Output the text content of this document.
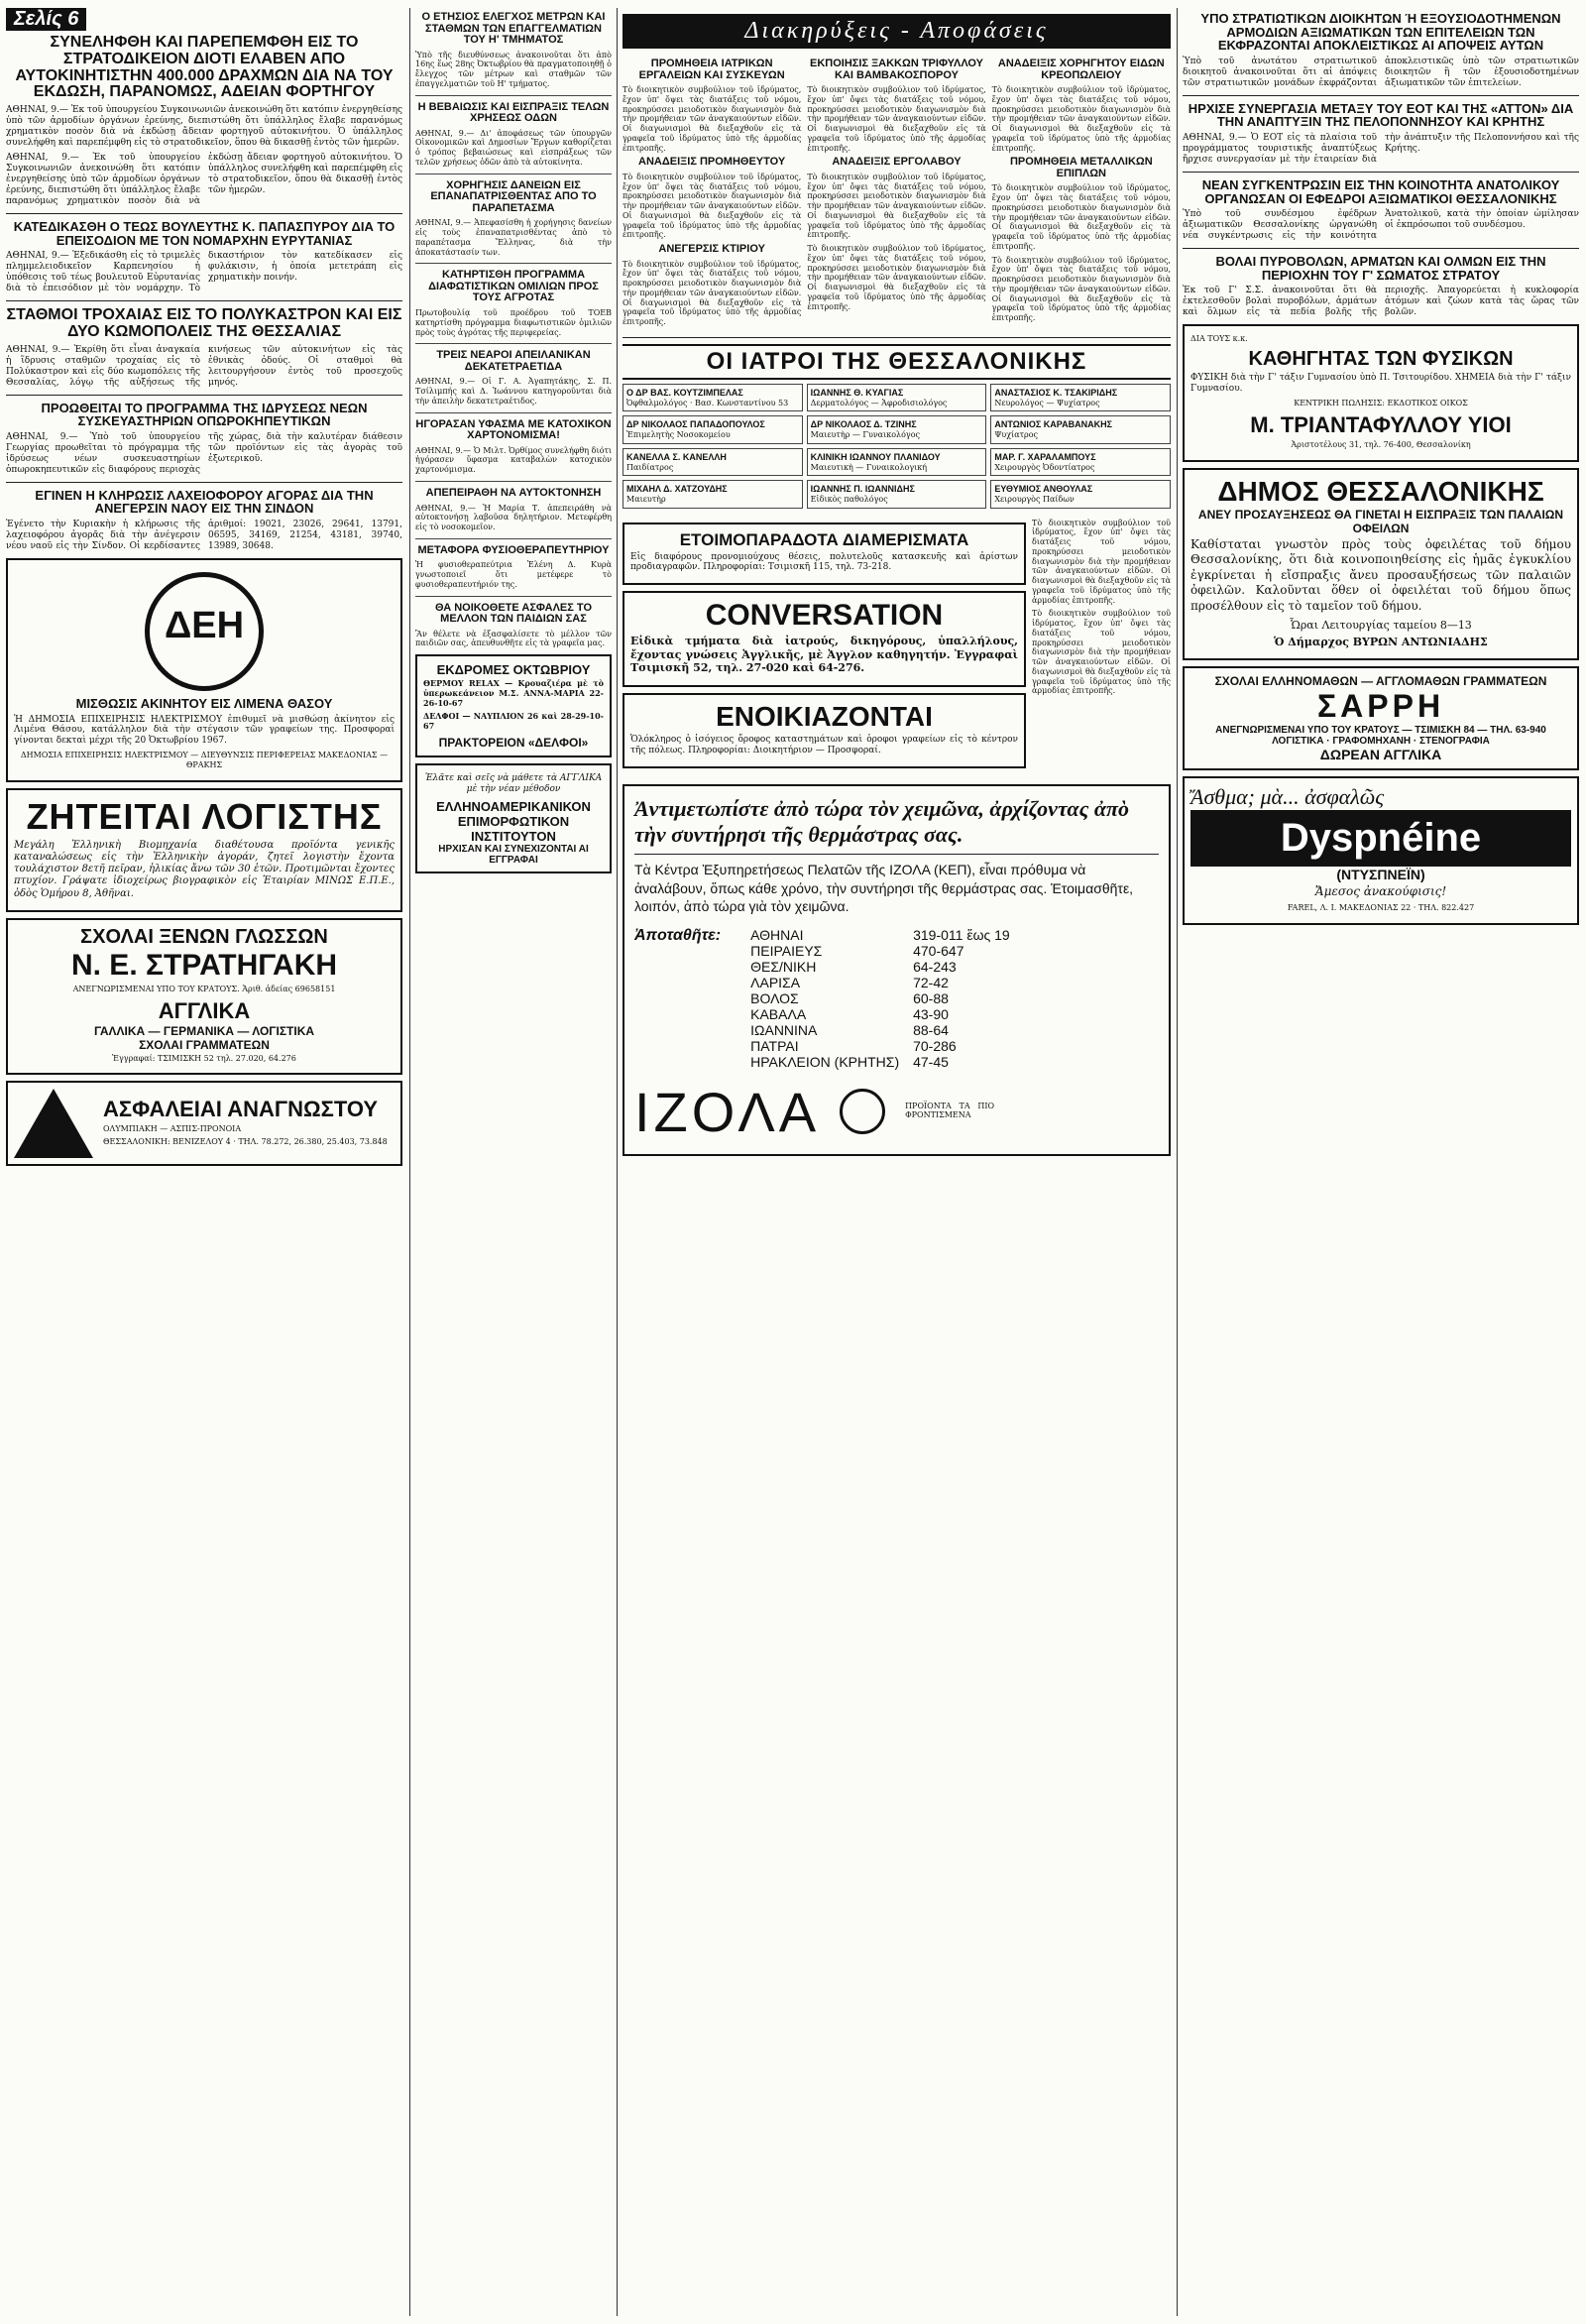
Σελίς 6
ΣΥΝΕΛΗΦΘΗ ΚΑΙ ΠΑΡΕΠΕΜΦΘΗ ΕΙΣ ΤΟ ΣΤΡΑΤΟΔΙΚΕΙΟΝ ΔΙΟΤΙ ΕΛΑΒΕΝ ΑΠΟ ΑΥΤΟΚΙΝΗΤΙΣΤΗΝ 400.000 ΔΡΑΧΜΩΝ ΔΙΑ ΝΑ ΤΟΥ ΕΚΔΩΣΗ, ΠΑΡΑΝΟΜΩΣ, ΑΔΕΙΑΝ ΦΟΡΤΗΓΟΥ
ΑΘΗΝΑΙ, 9.— Ἐκ τοῦ ὑπουργείου Συγκοινωνιῶν ἀνεκοινώθη ὅτι κατόπιν ἐνεργηθείσης ὑπὸ τῶν ἁρμοδίων ὀργάνων ἐρεύνης, διεπιστώθη ὅτι ὑπάλληλος ἔλαβε παρανόμως χρηματικὸν ποσὸν διὰ νὰ ἐκδώσῃ ἄδειαν φορτηγοῦ αὐτοκινήτου. Ὁ ὑπάλληλος συνελήφθη καὶ παρεπέμφθη εἰς τὸ στρατοδικεῖον, ὅπου θὰ δικασθῇ ἐντὸς τῶν ἡμερῶν.
ΑΘΗΝΑΙ, 9.— Ἐκ τοῦ ὑπουργείου Συγκοινωνιῶν ἀνεκοινώθη ὅτι κατόπιν ἐνεργηθείσης ὑπὸ τῶν ἁρμοδίων ὀργάνων ἐρεύνης, διεπιστώθη ὅτι ὑπάλληλος ἔλαβε παρανόμως χρηματικὸν ποσὸν διὰ νὰ ἐκδώσῃ ἄδειαν φορτηγοῦ αὐτοκινήτου. Ὁ ὑπάλληλος συνελήφθη καὶ παρεπέμφθη εἰς τὸ στρατοδικεῖον, ὅπου θὰ δικασθῇ ἐντὸς τῶν ἡμερῶν.
ΚΑΤΕΔΙΚΑΣΘΗ Ο ΤΕΩΣ ΒΟΥΛΕΥΤΗΣ Κ. ΠΑΠΑΣΠΥΡΟΥ ΔΙΑ ΤΟ ΕΠΕΙΣΟΔΙΟΝ ΜΕ ΤΟΝ ΝΟΜΑΡΧΗΝ ΕΥΡΥΤΑΝΙΑΣ
ΑΘΗΝΑΙ, 9.— Ἐξεδικάσθη εἰς τὸ τριμελὲς πλημμελειοδικεῖον Καρπενησίου ἡ ὑπόθεσις τοῦ τέως βουλευτοῦ Εὐρυτανίας διὰ τὸ ἐπεισόδιον μὲ τὸν νομάρχην. Τὸ δικαστήριον τὸν κατεδίκασεν εἰς φυλάκισιν, ἡ ὁποία μετετράπη εἰς χρηματικὴν ποινήν.
ΣΤΑΘΜΟΙ ΤΡΟΧΑΙΑΣ ΕΙΣ ΤΟ ΠΟΛΥΚΑΣΤΡΟΝ ΚΑΙ ΕΙΣ ΔΥΟ ΚΩΜΟΠΟΛΕΙΣ ΤΗΣ ΘΕΣΣΑΛΙΑΣ
ΑΘΗΝΑΙ, 9.— Ἐκρίθη ὅτι εἶναι ἀναγκαία ἡ ἵδρυσις σταθμῶν τροχαίας εἰς τὸ Πολύκαστρον καὶ εἰς δύο κωμοπόλεις τῆς Θεσσαλίας, λόγῳ τῆς αὐξήσεως τῆς κινήσεως τῶν αὐτοκινήτων εἰς τὰς ἐθνικὰς ὁδούς. Οἱ σταθμοὶ θὰ λειτουργήσουν ἐντὸς τοῦ προσεχοῦς μηνός.
ΠΡΟΩΘΕΙΤΑΙ ΤΟ ΠΡΟΓΡΑΜΜΑ ΤΗΣ ΙΔΡΥΣΕΩΣ ΝΕΩΝ ΣΥΣΚΕΥΑΣΤΗΡΙΩΝ ΟΠΩΡΟΚΗΠΕΥΤΙΚΩΝ
ΑΘΗΝΑΙ, 9.— Ὑπὸ τοῦ ὑπουργείου Γεωργίας προωθεῖται τὸ πρόγραμμα τῆς ἱδρύσεως νέων συσκευαστηρίων ὀπωροκηπευτικῶν εἰς διαφόρους περιοχὰς τῆς χώρας, διὰ τὴν καλυτέραν διάθεσιν τῶν προϊόντων εἰς τὰς ἀγορὰς τοῦ ἐξωτερικοῦ.
ΕΓΙΝΕΝ Η ΚΛΗΡΩΣΙΣ ΛΑΧΕΙΟΦΟΡΟΥ ΑΓΟΡΑΣ ΔΙΑ ΤΗΝ ΑΝΕΓΕΡΣΙΝ ΝΑΟΥ ΕΙΣ ΤΗΝ ΣΙΝΔΟΝ
Ἐγένετο τὴν Κυριακὴν ἡ κλήρωσις τῆς λαχειοφόρου ἀγορᾶς διὰ τὴν ἀνέγερσιν νέου ναοῦ εἰς τὴν Σίνδον. Οἱ κερδίσαντες ἀριθμοί: 19021, 23026, 29641, 13791, 06595, 34169, 21254, 43181, 39740, 13989, 30648.
ΔΕΗ
ΜΙΣΘΩΣΙΣ ΑΚΙΝΗΤΟΥ ΕΙΣ ΛΙΜΕΝΑ ΘΑΣΟΥ
Ἡ ΔΗΜΟΣΙΑ ΕΠΙΧΕΙΡΗΣΙΣ ΗΛΕΚΤΡΙΣΜΟΥ ἐπιθυμεῖ νὰ μισθώσῃ ἀκίνητον εἰς Λιμένα Θάσου, κατάλληλον διὰ τὴν στέγασιν τῶν γραφείων της. Προσφοραὶ γίνονται δεκταὶ μέχρι τῆς 20 Ὀκτωβρίου 1967.
ΔΗΜΟΣΙΑ ΕΠΙΧΕΙΡΗΣΙΣ ΗΛΕΚΤΡΙΣΜΟΥ — ΔΙΕΥΘΥΝΣΙΣ ΠΕΡΙΦΕΡΕΙΑΣ ΜΑΚΕΔΟΝΙΑΣ — ΘΡΑΚΗΣ
ΖΗΤΕΙΤΑΙ ΛΟΓΙΣΤΗΣ
Μεγάλη Ἑλληνικὴ Βιομηχανία διαθέτουσα προϊόντα γενικῆς καταναλώσεως εἰς τὴν Ἑλληνικὴν ἀγοράν, ζητεῖ λογιστὴν ἔχοντα τουλάχιστον 8ετῆ πεῖραν, ἡλικίας ἄνω τῶν 30 ἐτῶν. Προτιμῶνται ἔχοντες πτυχίον. Γράψατε ἰδιοχείρως βιογραφικὸν εἰς Ἐταιρίαν ΜΙΝΩΣ Ε.Π.Ε., ὁδὸς Ὁμήρου 8, Ἀθῆναι.
ΣΧΟΛΑΙ ΞΕΝΩΝ ΓΛΩΣΣΩΝ
Ν. Ε. ΣΤΡΑΤΗΓΑΚΗ
ΑΝΕΓΝΩΡΙΣΜΕΝΑΙ ΥΠΟ ΤΟΥ ΚΡΑΤΟΥΣ. Ἀριθ. ἀδείας 69658151
ΑΓΓΛΙΚΑ
ΓΑΛΛΙΚΑ — ΓΕΡΜΑΝΙΚΑ — ΛΟΓΙΣΤΙΚΑ
ΣΧΟΛΑΙ ΓΡΑΜΜΑΤΕΩΝ
Ἐγγραφαί: ΤΣΙΜΙΣΚΗ 52 τηλ. 27.020, 64.276
ΑΣΦΑΛΕΙΑΙ ΑΝΑΓΝΩΣΤΟΥ
ΟΛΥΜΠΙΑΚΗ — ΑΣΠΙΣ-ΠΡΟΝΟΙΑ
ΘΕΣΣΑΛΟΝΙΚΗ: ΒΕΝΙΖΕΛΟΥ 4 · ΤΗΛ. 78.272, 26.380, 25.403, 73.848
Ο ΕΤΗΣΙΟΣ ΕΛΕΓΧΟΣ ΜΕΤΡΩΝ ΚΑΙ ΣΤΑΘΜΩΝ ΤΩΝ ΕΠΑΓΓΕΛΜΑΤΙΩΝ ΤΟΥ Η' ΤΜΗΜΑΤΟΣ
Ὑπὸ τῆς διευθύνσεως ἀνακοινοῦται ὅτι ἀπὸ 16ης ἕως 28ης Ὀκτωβρίου θὰ πραγματοποιηθῇ ὁ ἔλεγχος τῶν μέτρων καὶ σταθμῶν τῶν ἐπαγγελματιῶν τοῦ Η' τμήματος.
Η ΒΕΒΑΙΩΣΙΣ ΚΑΙ ΕΙΣΠΡΑΞΙΣ ΤΕΛΩΝ ΧΡΗΣΕΩΣ ΟΔΩΝ
ΑΘΗΝΑΙ, 9.— Δι' ἀποφάσεως τῶν ὑπουργῶν Οἰκονομικῶν καὶ Δημοσίων Ἔργων καθορίζεται ὁ τρόπος βεβαιώσεως καὶ εἰσπράξεως τῶν τελῶν χρήσεως ὁδῶν ἀπὸ τὰ αὐτοκίνητα.
ΧΟΡΗΓΗΣΙΣ ΔΑΝΕΙΩΝ ΕΙΣ ΕΠΑΝΑΠΑΤΡΙΣΘΕΝΤΑΣ ΑΠΟ ΤΟ ΠΑΡΑΠΕΤΑΣΜΑ
ΑΘΗΝΑΙ, 9.— Ἀπεφασίσθη ἡ χορήγησις δανείων εἰς τοὺς ἐπαναπατρισθέντας ἀπὸ τὸ παραπέτασμα Ἕλληνας, διὰ τὴν ἀποκατάστασίν των.
ΚΑΤΗΡΤΙΣΘΗ ΠΡΟΓΡΑΜΜΑ ΔΙΑΦΩΤΙΣΤΙΚΩΝ ΟΜΙΛΙΩΝ ΠΡΟΣ ΤΟΥΣ ΑΓΡΟΤΑΣ
Πρωτοβουλίᾳ τοῦ προέδρου τοῦ ΤΟΕΒ κατηρτίσθη πρόγραμμα διαφωτιστικῶν ὁμιλιῶν πρὸς τοὺς ἀγρότας τῆς περιφερείας.
ΤΡΕΙΣ ΝΕΑΡΟΙ ΑΠΕΙΛΑΝΙΚΑΝ ΔΕΚΑΤΕΤΡΑΕΤΙΔΑ
ΑΘΗΝΑΙ, 9.— Οἱ Γ. Α. Ἀγαπητάκης, Σ. Π. Τσίλιμπής καὶ Δ. Ἰωάννου κατηγοροῦνται διὰ τὴν ἀπειλὴν δεκατετραέτιδος.
ΗΓΟΡΑΣΑΝ ΥΦΑΣΜΑ ΜΕ ΚΑΤΟΧΙΚΟΝ ΧΑΡΤΟΝΟΜΙΣΜΑ!
ΑΘΗΝΑΙ, 9.— Ὁ Μιλτ. Ὀρθίμος συνελήφθη διότι ἠγόρασεν ὕφασμα καταβαλὼν κατοχικὸν χαρτονόμισμα.
ΑΠΕΠΕΙΡΑΘΗ ΝΑ ΑΥΤΟΚΤΟΝΗΣΗ
ΑΘΗΝΑΙ, 9.— Ἡ Μαρία Τ. ἀπεπειράθη νὰ αὐτοκτονήσῃ λαβοῦσα δηλητήριον. Μετεφέρθη εἰς τὸ νοσοκομεῖον.
ΜΕΤΑΦΟΡΑ ΦΥΣΙΟΘΕΡΑΠΕΥΤΗΡΙΟΥ
Ἡ φυσιοθεραπεύτρια Ἑλένη Δ. Κυρὰ γνωστοποιεῖ ὅτι μετέφερε τὸ φυσιοθεραπευτήριόν της.
ΘΑ ΝΟΙΚΟΘΕΤΕ ΑΣΦΑΛΕΣ ΤΟ ΜΕΛΛΟΝ ΤΩΝ ΠΑΙΔΙΩΝ ΣΑΣ
Ἂν θέλετε νὰ ἐξασφαλίσετε τὸ μέλλον τῶν παιδιῶν σας, ἀπευθυνθῆτε εἰς τὰ γραφεῖα μας.
ΕΚΔΡΟΜΕΣ ΟΚΤΩΒΡΙΟΥ
ΘΕΡΜΟΥ RELAX — Κρουαζιέρα μὲ τὸ ὑπερωκεάνειον Μ.Σ. ΑΝΝΑ-ΜΑΡΙΑ 22-26-10-67
ΔΕΛΦΟΙ — ΝΑΥΠΛΙΟΝ 26 καὶ 28-29-10-67
ΠΡΑΚΤΟΡΕΙΟΝ «ΔΕΛΦΟΙ»
Ἐλᾶτε καὶ σεῖς νὰ μάθετε τὰ ΑΓΓΛΙΚΑ μὲ τὴν νέαν μέθοδον
ΕΛΛΗΝΟΑΜΕΡΙΚΑΝΙΚΟΝ ΕΠΙΜΟΡΦΩΤΙΚΟΝ ΙΝΣΤΙΤΟΥΤΟΝ
ΗΡΧΙΣΑΝ ΚΑΙ ΣΥΝΕΧΙΖΟΝΤΑΙ ΑΙ ΕΓΓΡΑΦΑΙ
Διακηρύξεις - Αποφάσεις
ΠΡΟΜΗΘΕΙΑ ΙΑΤΡΙΚΩΝ ΕΡΓΑΛΕΙΩΝ ΚΑΙ ΣΥΣΚΕΥΩΝ
Τὸ διοικητικὸν συμβούλιον τοῦ ἱδρύματος, ἔχον ὑπ' ὄψει τὰς διατάξεις τοῦ νόμου, προκηρύσσει μειοδοτικὸν διαγωνισμὸν διὰ τὴν προμήθειαν τῶν ἀναγκαιούντων εἰδῶν. Οἱ διαγωνισμοὶ θὰ διεξαχθοῦν εἰς τὰ γραφεῖα τοῦ ἱδρύματος ὑπὸ τῆς ἁρμοδίας ἐπιτροπῆς.
ΑΝΑΔΕΙΞΙΣ ΠΡΟΜΗΘΕΥΤΟΥ
Τὸ διοικητικὸν συμβούλιον τοῦ ἱδρύματος, ἔχον ὑπ' ὄψει τὰς διατάξεις τοῦ νόμου, προκηρύσσει μειοδοτικὸν διαγωνισμὸν διὰ τὴν προμήθειαν τῶν ἀναγκαιούντων εἰδῶν. Οἱ διαγωνισμοὶ θὰ διεξαχθοῦν εἰς τὰ γραφεῖα τοῦ ἱδρύματος ὑπὸ τῆς ἁρμοδίας ἐπιτροπῆς.
ΑΝΕΓΕΡΣΙΣ ΚΤΙΡΙΟΥ
Τὸ διοικητικὸν συμβούλιον τοῦ ἱδρύματος, ἔχον ὑπ' ὄψει τὰς διατάξεις τοῦ νόμου, προκηρύσσει μειοδοτικὸν διαγωνισμὸν διὰ τὴν προμήθειαν τῶν ἀναγκαιούντων εἰδῶν. Οἱ διαγωνισμοὶ θὰ διεξαχθοῦν εἰς τὰ γραφεῖα τοῦ ἱδρύματος ὑπὸ τῆς ἁρμοδίας ἐπιτροπῆς.
ΕΚΠΟΙΗΣΙΣ ΞΑΚΚΩΝ ΤΡΙΦΥΛΛΟΥ ΚΑΙ ΒΑΜΒΑΚΟΣΠΟΡΟΥ
Τὸ διοικητικὸν συμβούλιον τοῦ ἱδρύματος, ἔχον ὑπ' ὄψει τὰς διατάξεις τοῦ νόμου, προκηρύσσει μειοδοτικὸν διαγωνισμὸν διὰ τὴν προμήθειαν τῶν ἀναγκαιούντων εἰδῶν. Οἱ διαγωνισμοὶ θὰ διεξαχθοῦν εἰς τὰ γραφεῖα τοῦ ἱδρύματος ὑπὸ τῆς ἁρμοδίας ἐπιτροπῆς.
ΑΝΑΔΕΙΞΙΣ ΕΡΓΟΛΑΒΟΥ
Τὸ διοικητικὸν συμβούλιον τοῦ ἱδρύματος, ἔχον ὑπ' ὄψει τὰς διατάξεις τοῦ νόμου, προκηρύσσει μειοδοτικὸν διαγωνισμὸν διὰ τὴν προμήθειαν τῶν ἀναγκαιούντων εἰδῶν. Οἱ διαγωνισμοὶ θὰ διεξαχθοῦν εἰς τὰ γραφεῖα τοῦ ἱδρύματος ὑπὸ τῆς ἁρμοδίας ἐπιτροπῆς.
Τὸ διοικητικὸν συμβούλιον τοῦ ἱδρύματος, ἔχον ὑπ' ὄψει τὰς διατάξεις τοῦ νόμου, προκηρύσσει μειοδοτικὸν διαγωνισμὸν διὰ τὴν προμήθειαν τῶν ἀναγκαιούντων εἰδῶν. Οἱ διαγωνισμοὶ θὰ διεξαχθοῦν εἰς τὰ γραφεῖα τοῦ ἱδρύματος ὑπὸ τῆς ἁρμοδίας ἐπιτροπῆς.
ΑΝΑΔΕΙΞΙΣ ΧΟΡΗΓΗΤΟΥ ΕΙΔΩΝ ΚΡΕΟΠΩΛΕΙΟΥ
Τὸ διοικητικὸν συμβούλιον τοῦ ἱδρύματος, ἔχον ὑπ' ὄψει τὰς διατάξεις τοῦ νόμου, προκηρύσσει μειοδοτικὸν διαγωνισμὸν διὰ τὴν προμήθειαν τῶν ἀναγκαιούντων εἰδῶν. Οἱ διαγωνισμοὶ θὰ διεξαχθοῦν εἰς τὰ γραφεῖα τοῦ ἱδρύματος ὑπὸ τῆς ἁρμοδίας ἐπιτροπῆς.
ΠΡΟΜΗΘΕΙΑ ΜΕΤΑΛΛΙΚΩΝ ΕΠΙΠΛΩΝ
Τὸ διοικητικὸν συμβούλιον τοῦ ἱδρύματος, ἔχον ὑπ' ὄψει τὰς διατάξεις τοῦ νόμου, προκηρύσσει μειοδοτικὸν διαγωνισμὸν διὰ τὴν προμήθειαν τῶν ἀναγκαιούντων εἰδῶν. Οἱ διαγωνισμοὶ θὰ διεξαχθοῦν εἰς τὰ γραφεῖα τοῦ ἱδρύματος ὑπὸ τῆς ἁρμοδίας ἐπιτροπῆς.
Τὸ διοικητικὸν συμβούλιον τοῦ ἱδρύματος, ἔχον ὑπ' ὄψει τὰς διατάξεις τοῦ νόμου, προκηρύσσει μειοδοτικὸν διαγωνισμὸν διὰ τὴν προμήθειαν τῶν ἀναγκαιούντων εἰδῶν. Οἱ διαγωνισμοὶ θὰ διεξαχθοῦν εἰς τὰ γραφεῖα τοῦ ἱδρύματος ὑπὸ τῆς ἁρμοδίας ἐπιτροπῆς.
ΟΙ ΙΑΤΡΟΙ ΤΗΣ ΘΕΣΣΑΛΟΝΙΚΗΣ
Ο ΔΡ ΒΑΣ. ΚΟΥΤΖΙΜΠΕΛΑΣ
Ὀφθαλμολόγος · Βασ. Κωνσταντίνου 53
ΙΩΑΝΝΗΣ Θ. ΚΥΑΓΙΑΣ
Δερματολόγος — Ἀφροδισιολόγος
ΑΝΑΣΤΑΣΙΟΣ Κ. ΤΣΑΚΙΡΙΔΗΣ
Νευρολόγος — Ψυχίατρος
ΔΡ ΝΙΚΟΛΑΟΣ ΠΑΠΑΔΟΠΟΥΛΟΣ
Ἐπιμελητὴς Νοσοκομείου
ΔΡ ΝΙΚΟΛΑΟΣ Δ. ΤΖΙΝΗΣ
Μαιευτὴρ — Γυναικολόγος
ΑΝΤΩΝΙΟΣ ΚΑΡΑΒΑΝΑΚΗΣ
Ψυχίατρος
ΚΑΝΕΛΛΑ Σ. ΚΑΝΕΛΛΗ
Παιδίατρος
ΚΛΙΝΙΚΗ ΙΩΑΝΝΟΥ ΠΛΑΝΙΔΟΥ
Μαιευτικὴ — Γυναικολογική
ΜΑΡ. Γ. ΧΑΡΑΛΑΜΠΟΥΣ
Χειρουργὸς Ὀδοντίατρος
ΜΙΧΑΗΛ Δ. ΧΑΤΖΟΥΔΗΣ
Μαιευτὴρ
ΙΩΑΝΝΗΣ Π. ΙΩΑΝΝΙΔΗΣ
Εἰδικὸς παθολόγος
ΕΥΘΥΜΙΟΣ ΑΝΘΟΥΛΑΣ
Χειρουργὸς Παίδων
ΕΤΟΙΜΟΠΑΡΑΔΟΤΑ ΔΙΑΜΕΡΙΣΜΑΤΑ
Εἰς διαφόρους προνομιούχους θέσεις, πολυτελοῦς κατασκευῆς καὶ ἀρίστων προδιαγραφῶν. Πληροφορίαι: Τσιμισκῆ 115, τηλ. 73-218.
CONVERSATION
Εἰδικὰ τμήματα διὰ ἰατρούς, δικηγόρους, ὑπαλλήλους, ἔχοντας γνώσεις Ἀγγλικῆς, μὲ Ἀγγλον καθηγητήν. Ἐγγραφαὶ Τσιμισκῆ 52, τηλ. 27-020 καὶ 64-276.
ΕΝΟΙΚΙΑΖΟΝΤΑΙ
Ὁλόκληρος ὁ ἰσόγειος ὄροφος καταστημάτων καὶ ὁροφοι γραφείων εἰς τὸ κέντρον τῆς πόλεως. Πληροφορίαι: Διοικητήριον — Προσφοραί.
Τὸ διοικητικὸν συμβούλιον τοῦ ἱδρύματος, ἔχον ὑπ' ὄψει τὰς διατάξεις τοῦ νόμου, προκηρύσσει μειοδοτικὸν διαγωνισμὸν διὰ τὴν προμήθειαν τῶν ἀναγκαιούντων εἰδῶν. Οἱ διαγωνισμοὶ θὰ διεξαχθοῦν εἰς τὰ γραφεῖα τοῦ ἱδρύματος ὑπὸ τῆς ἁρμοδίας ἐπιτροπῆς.
Τὸ διοικητικὸν συμβούλιον τοῦ ἱδρύματος, ἔχον ὑπ' ὄψει τὰς διατάξεις τοῦ νόμου, προκηρύσσει μειοδοτικὸν διαγωνισμὸν διὰ τὴν προμήθειαν τῶν ἀναγκαιούντων εἰδῶν. Οἱ διαγωνισμοὶ θὰ διεξαχθοῦν εἰς τὰ γραφεῖα τοῦ ἱδρύματος ὑπὸ τῆς ἁρμοδίας ἐπιτροπῆς.
Ἀντιμετωπίστε ἀπὸ τώρα τὸν χειμῶνα, ἀρχίζοντας ἀπὸ τὴν συντήρησι τῆς θερμάστρας σας.
Τὰ Κέντρα Ἐξυπηρετήσεως Πελατῶν τῆς ΙΖΟΛΑ (ΚΕΠ), εἶναι πρόθυμα νὰ ἀναλάβουν, ὅπως κάθε χρόνο, τὴν συντήρησι τῆς θερμάστρας σας. Ἑτοιμασθῆτε, λοιπόν, ἀπὸ τώρα γιὰ τὸν χειμῶνα.
Ἀποταθῆτε: ΑΘΗΝΑΙ	319-011 ἕως 19
ΠΕΙΡΑΙΕΥΣ	470-647
ΘΕΣ/ΝΙΚΗ	64-243
ΛΑΡΙΣΑ	72-42
ΒΟΛΟΣ	60-88
ΚΑΒΑΛΑ	43-90
ΙΩΑΝΝΙΝΑ	88-64
ΠΑΤΡΑΙ	70-286
ΗΡΑΚΛΕΙΟΝ (ΚΡΗΤΗΣ)	47-45
ΙΖΟΛΑ	ΠΡΟΪΟΝΤΑ ΤΑ ΠΙΟ ΦΡΟΝΤΙΣΜΕΝΑ
ΥΠΟ ΣΤΡΑΤΙΩΤΙΚΩΝ ΔΙΟΙΚΗΤΩΝ Ή ΕΞΟΥΣΙΟΔΟΤΗΜΕΝΩΝ ΑΡΜΟΔΙΩΝ ΑΞΙΩΜΑΤΙΚΩΝ ΤΩΝ ΕΠΙΤΕΛΕΙΩΝ ΤΩΝ ΕΚΦΡΑΖΟΝΤΑΙ ΑΠΟΚΛΕΙΣΤΙΚΩΣ ΑΙ ΑΠΟΨΕΙΣ ΑΥΤΩΝ
Ὑπὸ τοῦ ἀνωτάτου στρατιωτικοῦ διοικητοῦ ἀνακοινοῦται ὅτι αἱ ἀπόψεις τῶν στρατιωτικῶν μονάδων ἐκφράζονται ἀποκλειστικῶς ὑπὸ τῶν στρατιωτικῶν διοικητῶν ἢ τῶν ἐξουσιοδοτημένων ἀξιωματικῶν τῶν ἐπιτελείων.
ΗΡΧΙΣΕ ΣΥΝΕΡΓΑΣΙΑ ΜΕΤΑΞΥ ΤΟΥ ΕΟΤ ΚΑΙ ΤΗΣ «ΑΤΤΟΝ» ΔΙΑ ΤΗΝ ΑΝΑΠΤΥΞΙΝ ΤΗΣ ΠΕΛΟΠΟΝΝΗΣΟΥ ΚΑΙ ΚΡΗΤΗΣ
ΑΘΗΝΑΙ, 9.— Ὁ ΕΟΤ εἰς τὰ πλαίσια τοῦ προγράμματος τουριστικῆς ἀναπτύξεως ἤρχισε συνεργασίαν μὲ τὴν ἑταιρείαν διὰ τὴν ἀνάπτυξιν τῆς Πελοποννήσου καὶ τῆς Κρήτης.
ΝΕΑΝ ΣΥΓΚΕΝΤΡΩΣΙΝ ΕΙΣ ΤΗΝ ΚΟΙΝΟΤΗΤΑ ΑΝΑΤΟΛΙΚΟΥ ΟΡΓΑΝΩΣΑΝ ΟΙ ΕΦΕΔΡΟΙ ΑΞΙΩΜΑΤΙΚΟΙ ΘΕΣΣΑΛΟΝΙΚΗΣ
Ὑπὸ τοῦ συνδέσμου ἐφέδρων ἀξιωματικῶν Θεσσαλονίκης ὠργανώθη νέα συγκέντρωσις εἰς τὴν κοινότητα Ἀνατολικοῦ, κατὰ τὴν ὁποίαν ὡμίλησαν οἱ ἐκπρόσωποι τοῦ συνδέσμου.
ΒΟΛΑΙ ΠΥΡΟΒΟΛΩΝ, ΑΡΜΑΤΩΝ ΚΑΙ ΟΛΜΩΝ ΕΙΣ ΤΗΝ ΠΕΡΙΟΧΗΝ ΤΟΥ Γ' ΣΩΜΑΤΟΣ ΣΤΡΑΤΟΥ
Ἐκ τοῦ Γ' Σ.Σ. ἀνακοινοῦται ὅτι θὰ ἐκτελεσθοῦν βολαὶ πυροβόλων, ἁρμάτων καὶ ὅλμων εἰς τὰ πεδία βολῆς τῆς περιοχῆς. Ἀπαγορεύεται ἡ κυκλοφορία ἀτόμων καὶ ζώων κατὰ τὰς ὥρας τῶν βολῶν.
ΔΙΑ ΤΟΥΣ κ.κ.
ΚΑΘΗΓΗΤΑΣ ΤΩΝ ΦΥΣΙΚΩΝ
ΦΥΣΙΚΗ διὰ τὴν Γ' τάξιν Γυμνασίου ὑπὸ Π. Τσιτουρίδου. ΧΗΜΕΙΑ διὰ τὴν Γ' τάξιν Γυμνασίου.
ΚΕΝΤΡΙΚΗ ΠΩΛΗΣΙΣ: ΕΚΔΟΤΙΚΟΣ ΟΙΚΟΣ
Μ. ΤΡΙΑΝΤΑΦΥΛΛΟΥ ΥΙΟΙ
Ἀριστοτέλους 31, τηλ. 76-400, Θεσσαλονίκη
ΔΗΜΟΣ ΘΕΣΣΑΛΟΝΙΚΗΣ
ΑΝΕΥ ΠΡΟΣΑΥΞΗΣΕΩΣ ΘΑ ΓΙΝΕΤΑΙ Η ΕΙΣΠΡΑΞΙΣ ΤΩΝ ΠΑΛΑΙΩΝ ΟΦΕΙΛΩΝ
Καθίσταται γνωστὸν πρὸς τοὺς ὀφειλέτας τοῦ δήμου Θεσσαλονίκης, ὅτι διὰ κοινοποιηθείσης εἰς ἡμᾶς ἐγκυκλίου ἐγκρίνεται ἡ εἴσπραξις ἄνευ προσαυξήσεως τῶν παλαιῶν ὀφειλῶν. Καλοῦνται ὅθεν οἱ ὀφειλέται τοῦ δήμου ὅπως προσέλθουν εἰς τὸ ταμεῖον τοῦ δήμου.
Ὧραι Λειτουργίας ταμείου 8—13
Ὁ Δήμαρχος ΒΥΡΩΝ ΑΝΤΩΝΙΑΔΗΣ
ΣΧΟΛΑΙ ΕΛΛΗΝΟΜΑΘΩΝ — ΑΓΓΛΟΜΑΘΩΝ ΓΡΑΜΜΑΤΕΩΝ
ΣΑΡΡΗ
ΑΝΕΓΝΩΡΙΣΜΕΝΑΙ ΥΠΟ ΤΟΥ ΚΡΑΤΟΥΣ — ΤΣΙΜΙΣΚΗ 84 — ΤΗΛ. 63-940
ΛΟΓΙΣΤΙΚΑ · ΓΡΑΦΟΜΗΧΑΝΗ · ΣΤΕΝΟΓΡΑΦΙΑ
ΔΩΡΕΑΝ ΑΓΓΛΙΚΑ
Ἄσθμα; μὰ... ἀσφαλῶς
Dyspnéine
(ΝΤΥΣΠΝΕΪΝ)
Ἄμεσος ἀνακούφισις!
FAREL, Λ. Ι. ΜΑΚΕΔΟΝΙΑΣ 22 · ΤΗΛ. 822.427
